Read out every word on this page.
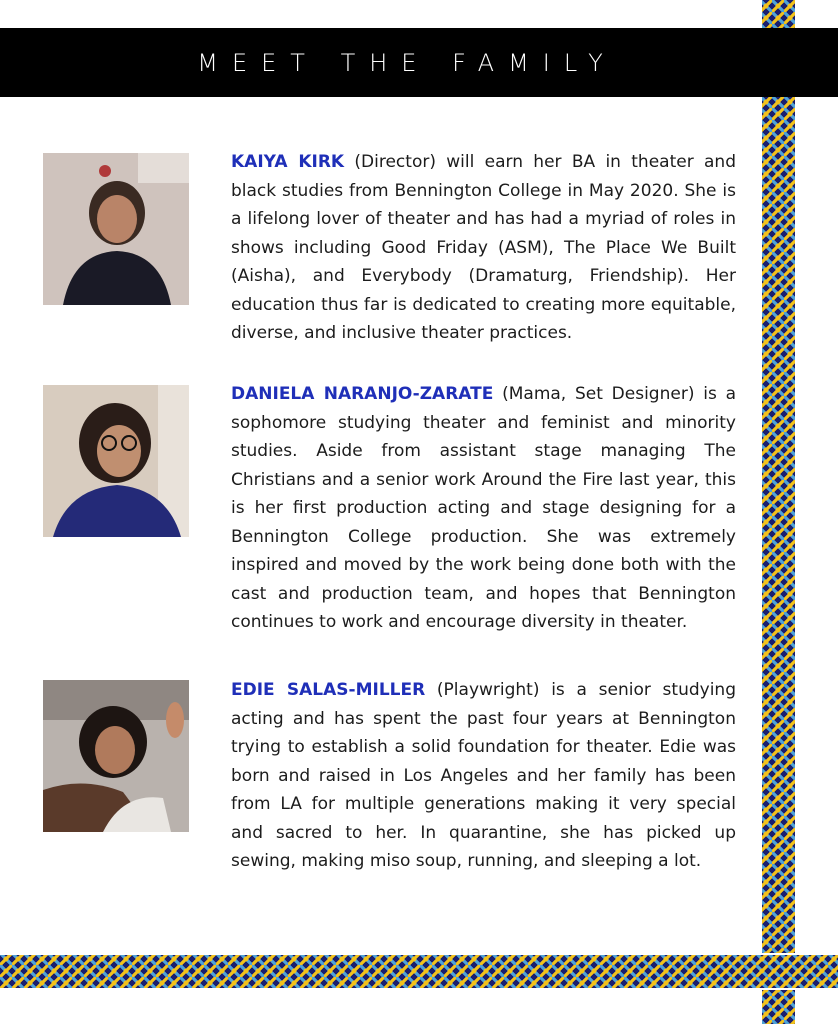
MEET THE FAMILY

KAIYA KIRK (Director) will earn her BA in theater and black studies from Bennington College in May 2020. She is a lifelong lover of theater and has had a myriad of roles in shows including Good Friday (ASM), The Place We Built (Aisha), and Everybody (Dramaturg, Friendship). Her education thus far is dedicated to creating more equitable, diverse, and inclusive theater practices.

DANIELA NARANJO-ZARATE (Mama, Set Designer) is a sophomore studying theater and feminist and minority studies. Aside from assistant stage managing The Christians and a senior work Around the Fire last year, this is her first production acting and stage designing for a Bennington College production. She was extremely inspired and moved by the work being done both with the cast and production team, and hopes that Bennington continues to work and encourage diversity in theater.

EDIE SALAS-MILLER (Playwright) is a senior studying acting and has spent the past four years at Bennington trying to establish a solid foundation for theater. Edie was born and raised in Los Angeles and her family has been from LA for multiple generations making it very special and sacred to her. In quarantine, she has picked up sewing, making miso soup, running, and sleeping a lot.
